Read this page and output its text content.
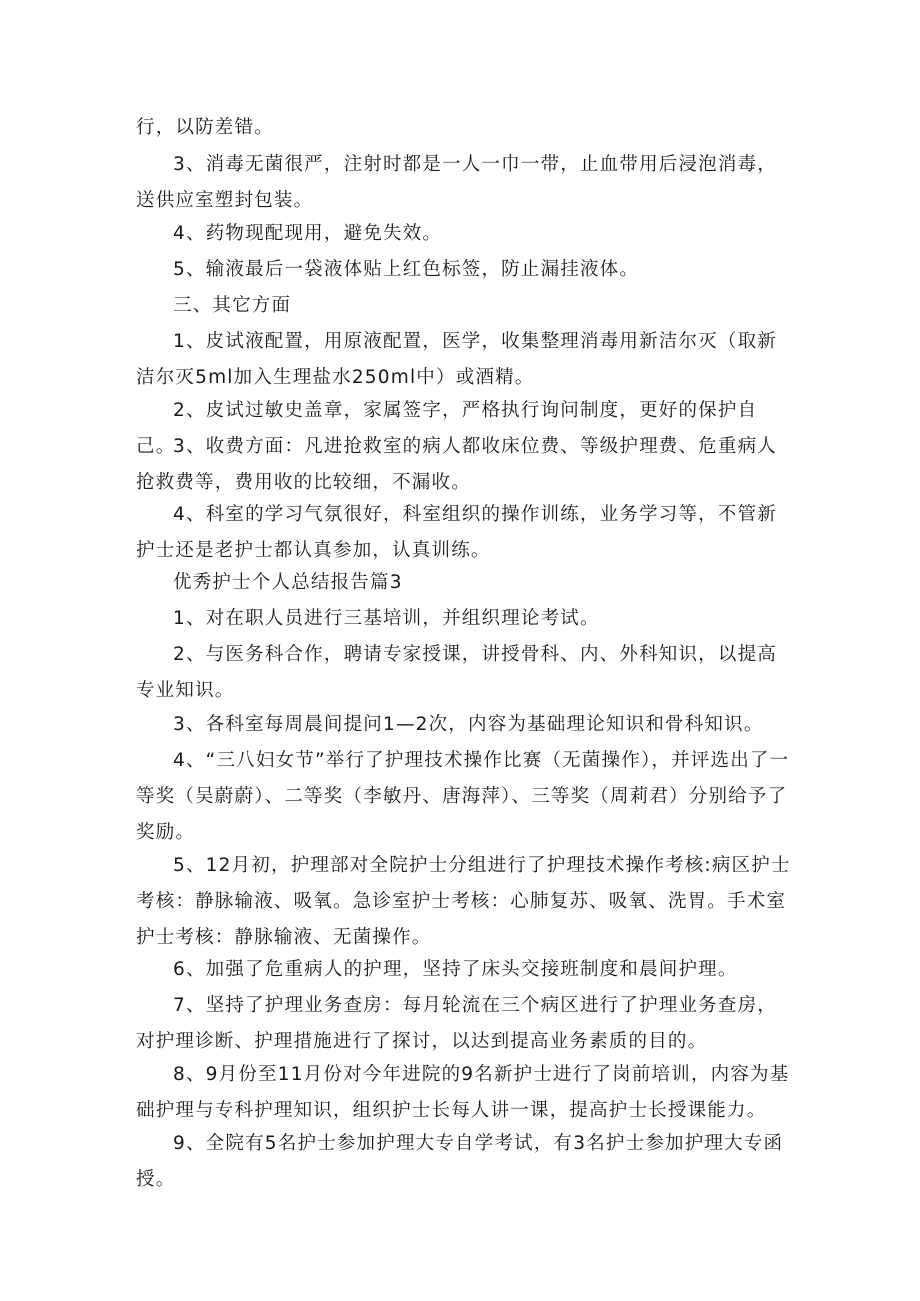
行，以防差错。

3、消毒无菌很严，注射时都是一人一巾一带，止血带用后浸泡消毒，送供应室塑封包装。

4、药物现配现用，避免失效。

5、输液最后一袋液体贴上红色标签，防止漏挂液体。

三、其它方面

1、皮试液配置，用原液配置，医学，收集整理消毒用新洁尔灭（取新洁尔灭5ml加入生理盐水250ml中）或酒精。

2、皮试过敏史盖章，家属签字，严格执行询问制度，更好的保护自己。

3、收费方面：凡进抢救室的病人都收床位费、等级护理费、危重病人抢救费等，费用收的比较细，不漏收。

4、科室的学习气氛很好，科室组织的操作训练，业务学习等，不管新护士还是老护士都认真参加，认真训练。

优秀护士个人总结报告篇3

1、对在职人员进行三基培训，并组织理论考试。

2、与医务科合作，聘请专家授课，讲授骨科、内、外科知识，以提高专业知识。

3、各科室每周晨间提问1—2次，内容为基础理论知识和骨科知识。

4、“三八妇女节”举行了护理技术操作比赛（无菌操作），并评选出了一等奖（吴蔚蔚）、二等奖（李敏丹、唐海萍）、三等奖（周莉君）分别给予了奖励。

5、12月初，护理部对全院护士分组进行了护理技术操作考核:病区护士考核：静脉输液、吸氧。急诊室护士考核：心肺复苏、吸氧、洗胃。手术室护士考核：静脉输液、无菌操作。

6、加强了危重病人的护理，坚持了床头交接班制度和晨间护理。

7、坚持了护理业务查房：每月轮流在三个病区进行了护理业务查房，对护理诊断、护理措施进行了探讨，以达到提高业务素质的目的。

8、9月份至11月份对今年进院的9名新护士进行了岗前培训，内容为基础护理与专科护理知识，组织护士长每人讲一课，提高护士长授课能力。

9、全院有5名护士参加护理大专自学考试，有3名护士参加护理大专函授。
